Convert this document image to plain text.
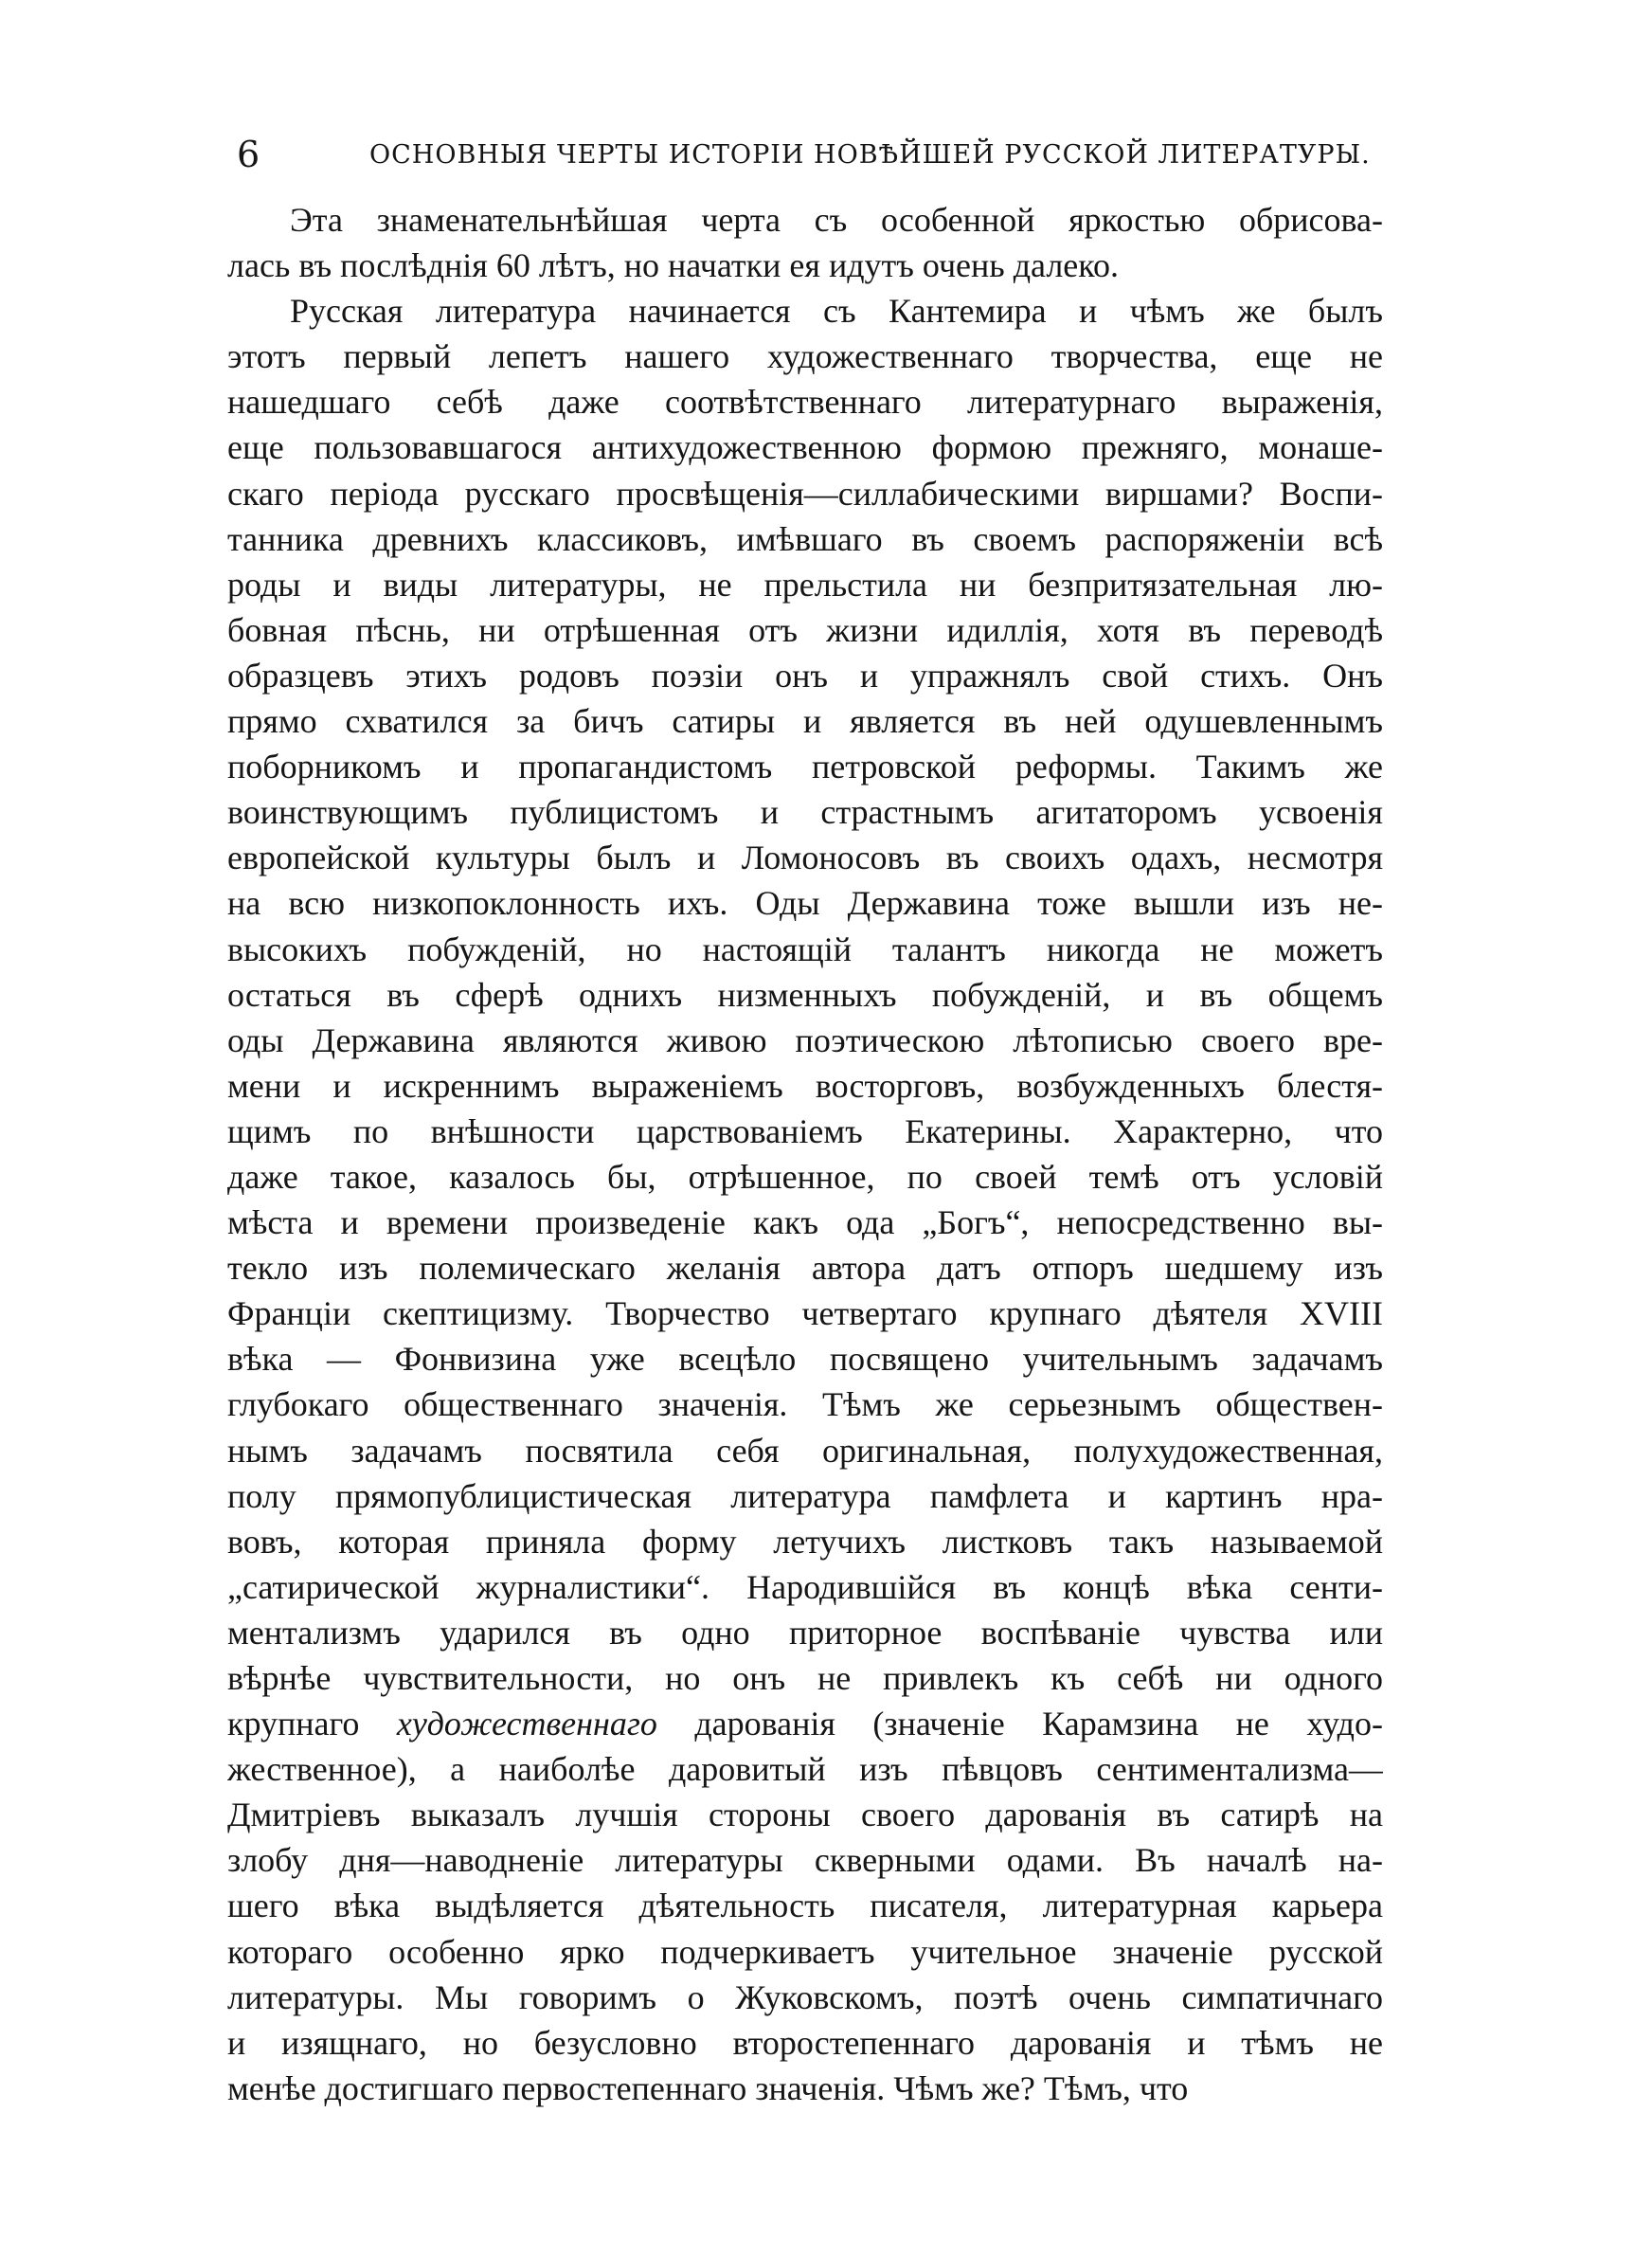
6	ОСНОВНЫЯ ЧЕРТЫ ИСТОРІИ НОВѢЙШЕЙ РУССКОЙ ЛИТЕРАТУРЫ.
Эта знаменательнѣйшая черта съ особенной яркостью обрисова-
лась въ послѣднія 60 лѣтъ, но начатки ея идутъ очень далеко.
Русская литература начинается съ Кантемира и чѣмъ же былъ
этотъ первый лепетъ нашего художественнаго творчества, еще не
нашедшаго себѣ даже соотвѣтственнаго литературнаго выраженія,
еще пользовавшагося антихудожественною формою прежняго, монаше-
скаго періода русскаго просвѣщенія—силлабическими виршами? Воспи-
танника древнихъ классиковъ, имѣвшаго въ своемъ распоряженіи всѣ
роды и виды литературы, не прельстила ни безпритязательная лю-
бовная пѣснь, ни отрѣшенная отъ жизни идиллія, хотя въ переводѣ
образцевъ этихъ родовъ поэзіи онъ и упражнялъ свой стихъ. Онъ
прямо схватился за бичъ сатиры и является въ ней одушевленнымъ
поборникомъ и пропагандистомъ петровской реформы. Такимъ же
воинствующимъ публицистомъ и страстнымъ агитаторомъ усвоенія
европейской культуры былъ и Ломоносовъ въ своихъ одахъ, несмотря
на всю низкопоклонность ихъ. Оды Державина тоже вышли изъ не-
высокихъ побужденій, но настоящій талантъ никогда не можетъ
остаться въ сферѣ однихъ низменныхъ побужденій, и въ общемъ
оды Державина являются живою поэтическою лѣтописью своего вре-
мени и искреннимъ выраженіемъ восторговъ, возбужденныхъ блестя-
щимъ по внѣшности царствованіемъ Екатерины. Характерно, что
даже такое, казалось бы, отрѣшенное, по своей темѣ отъ условій
мѣста и времени произведеніе какъ ода „Богъ“, непосредственно вы-
текло изъ полемическаго желанія автора датъ отпоръ шедшему изъ
Франціи скептицизму. Творчество четвертаго крупнаго дѣятеля XVIII
вѣка — Фонвизина уже всецѣло посвящено учительнымъ задачамъ
глубокаго общественнаго значенія. Тѣмъ же серьезнымъ обществен-
нымъ задачамъ посвятила себя оригинальная, полухудожественная,
полу прямопублицистическая литература памфлета и картинъ нра-
вовъ, которая приняла форму летучихъ листковъ такъ называемой
„сатирической журналистики“. Народившійся въ концѣ вѣка сенти-
ментализмъ ударился въ одно приторное воспѣваніе чувства или
вѣрнѣе чувствительности, но онъ не привлекъ къ себѣ ни одного
крупнаго художественнаго дарованія (значеніе Карамзина не худо-
жественное), а наиболѣе даровитый изъ пѣвцовъ сентиментализма—
Дмитріевъ выказалъ лучшія стороны своего дарованія въ сатирѣ на
злобу дня—наводненіе литературы скверными одами. Въ началѣ на-
шего вѣка выдѣляется дѣятельность писателя, литературная карьера
котораго особенно ярко подчеркиваетъ учительное значеніе русской
литературы. Мы говоримъ о Жуковскомъ, поэтѣ очень симпатичнаго
и изящнаго, но безусловно второстепеннаго дарованія и тѣмъ не
менѣе достигшаго первостепеннаго значенія. Чѣмъ же? Тѣмъ, что
